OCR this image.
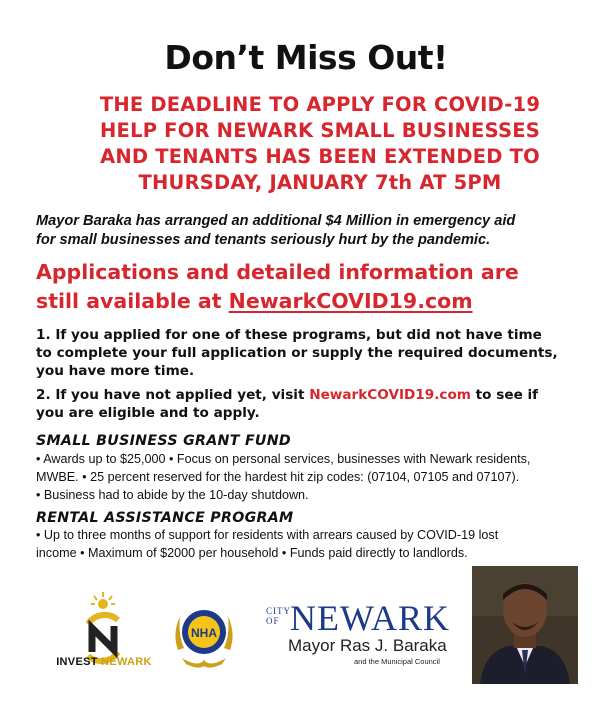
Don’t Miss Out!
THE DEADLINE TO APPLY FOR COVID-19
HELP FOR NEWARK SMALL BUSINESSES
AND TENANTS HAS BEEN EXTENDED TO
THURSDAY, JANUARY 7th AT 5PM
Mayor Baraka has arranged an additional $4 Million in emergency aid
for small businesses and tenants seriously hurt by the pandemic.
Applications and detailed information are
still available at NewarkCOVID19.com
1. If you applied for one of these programs, but did not have time
to complete your full application or supply the required documents,
you have more time.
2. If you have not applied yet, visit NewarkCOVID19.com to see if
you are eligible and to apply.
SMALL BUSINESS GRANT FUND
• Awards up to $25,000 • Focus on personal services, businesses with Newark residents,
MWBE. • 25 percent reserved for the hardest hit zip codes: (07104, 07105 and 07107).
• Business had to abide by the 10-day shutdown.
RENTAL ASSISTANCE PROGRAM
• Up to three months of support for residents with arrears caused by COVID-19 lost
income • Maximum of $2000 per household • Funds paid directly to landlords.
INVEST NEWARK
NHA
CITY
OF NEWARK
Mayor Ras J. Baraka
and the Municipal Council
